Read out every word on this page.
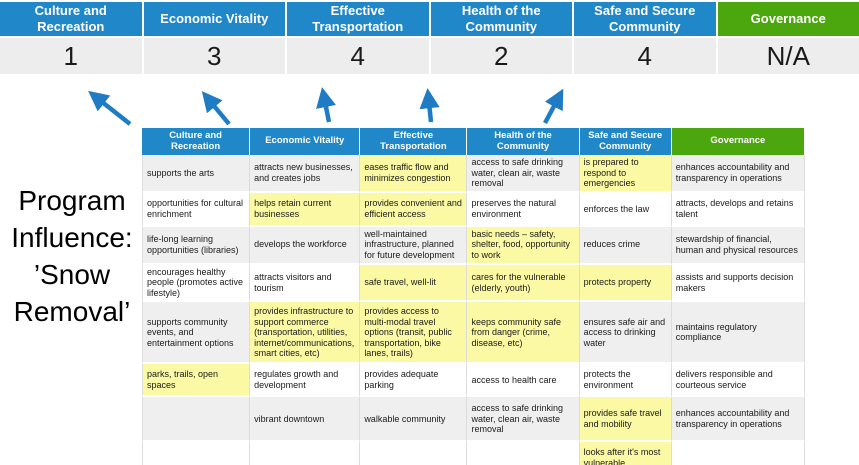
Culture and Recreation
Economic Vitality
Effective Transportation
Health of the Community
Safe and Secure Community
Governance
1	3	4	2	4	N/A
Program
Influence:
’Snow
Removal’
Culture and Recreation	Economic Vitality	Effective Transportation	Health of the Community	Safe and Secure Community	Governance
supports the arts	attracts new businesses, and creates jobs	eases traffic flow and minimizes congestion	access to safe drinking water, clean air, waste removal	is prepared to respond to emergencies	enhances accountability and transparency in operations
opportunities for cultural enrichment	helps retain current businesses	provides convenient and efficient access	preserves the natural environment	enforces the law	attracts, develops and retains talent
life-long learning opportunities (libraries)	develops the workforce	well-maintained infrastructure, planned for future development	basic needs – safety, shelter, food, opportunity to work	reduces crime	stewardship of financial, human and physical resources
encourages healthy people (promotes active lifestyle)	attracts visitors and tourism	safe travel, well-lit	cares for the vulnerable (elderly, youth)	protects property	assists and supports decision makers
supports community events, and entertainment options	provides infrastructure to support commerce (transportation, utilities, internet/communications, smart cities, etc)	provides access to multi-modal travel options (transit, public transportation, bike lanes, trails)	keeps community safe from danger (crime, disease, etc)	ensures safe air and access to drinking water	maintains regulatory compliance
parks, trails, open spaces	regulates growth and development	provides adequate parking	access to health care	protects the environment	delivers responsible and courteous service
	vibrant downtown	walkable community	access to safe drinking water, clean air, waste removal	provides safe travel and mobility	enhances accountability and transparency in operations
				looks after it's most vulnerable	
